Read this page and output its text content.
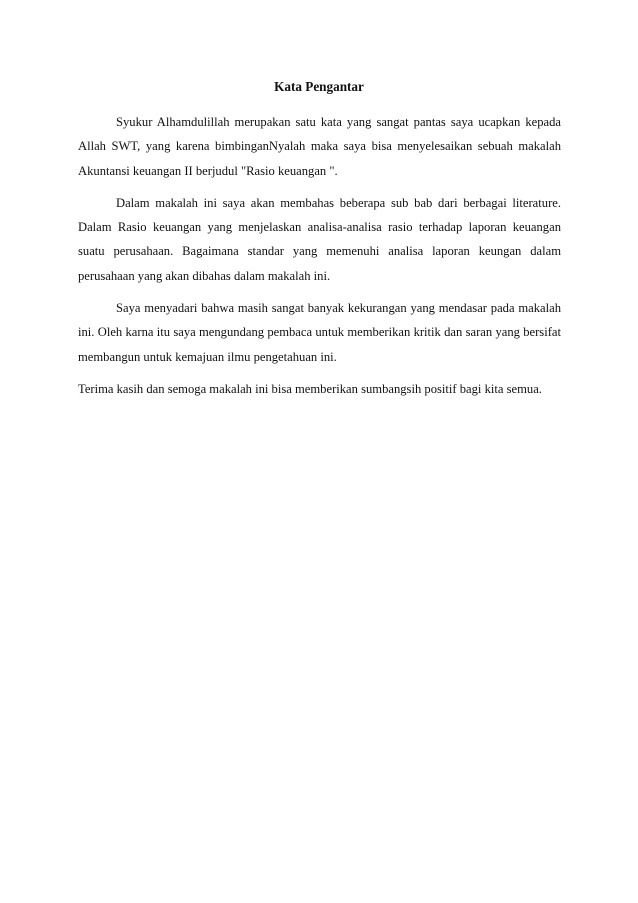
Kata Pengantar

Syukur Alhamdulillah merupakan satu kata yang sangat pantas saya ucapkan kepada Allah SWT, yang karena bimbinganNyalah maka saya bisa menyelesaikan sebuah makalah Akuntansi keuangan II berjudul "Rasio keuangan ".

Dalam makalah ini saya akan membahas beberapa sub bab dari berbagai literature. Dalam Rasio keuangan yang menjelaskan analisa-analisa rasio terhadap laporan keuangan suatu perusahaan. Bagaimana standar yang memenuhi analisa laporan keungan dalam perusahaan yang akan dibahas dalam makalah ini.

Saya menyadari bahwa masih sangat banyak kekurangan yang mendasar pada makalah ini. Oleh karna itu saya mengundang pembaca untuk memberikan kritik dan saran yang bersifat membangun untuk kemajuan ilmu pengetahuan ini.

Terima kasih dan semoga makalah ini bisa memberikan sumbangsih positif bagi kita semua.
